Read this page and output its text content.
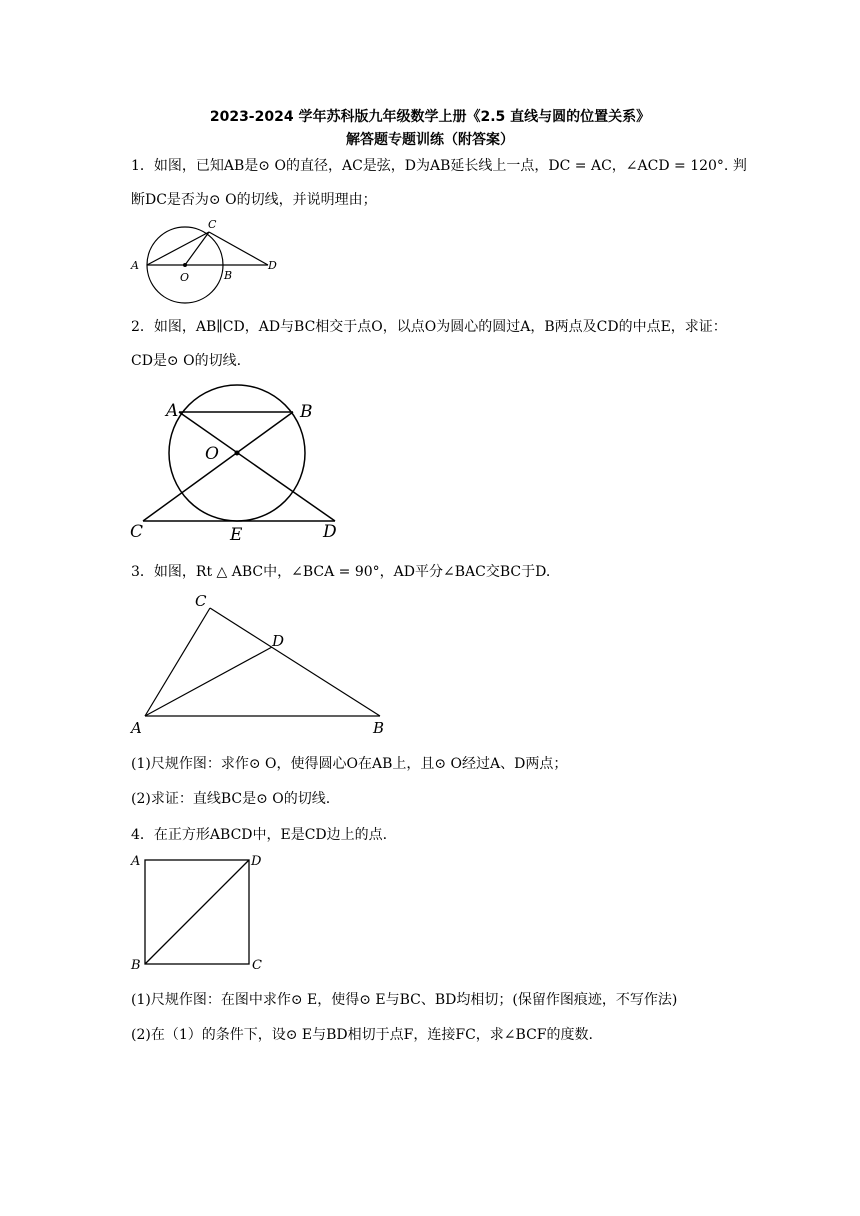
2023-2024 学年苏科版九年级数学上册《2.5 直线与圆的位置关系》
解答题专题训练（附答案）
1．如图，已知AB是⊙ O的直径，AC是弦，D为AB延长线上一点，DC = AC，∠ACD = 120°. 判
断DC是否为⊙ O的切线，并说明理由；
A
O	B
C
D
2．如图，AB∥CD，AD与BC相交于点O，以点O为圆心的圆过A，B两点及CD的中点E，求证：
CD是⊙ O的切线.
A	B
O
C	E	D
3．如图，Rt △ ABC中，∠BCA = 90°，AD平分∠BAC交BC于D.
C
D
A	B
(1)尺规作图：求作⊙ O，使得圆心O在AB上，且⊙ O经过A、D两点；
(2)求证：直线BC是⊙ O的切线.
4．在正方形ABCD中，E是CD边上的点.
A	D
B	C
(1)尺规作图：在图中求作⊙ E，使得⊙ E与BC、BD均相切；(保留作图痕迹，不写作法)
(2)在（1）的条件下，设⊙ E与BD相切于点F，连接FC，求∠BCF的度数.
